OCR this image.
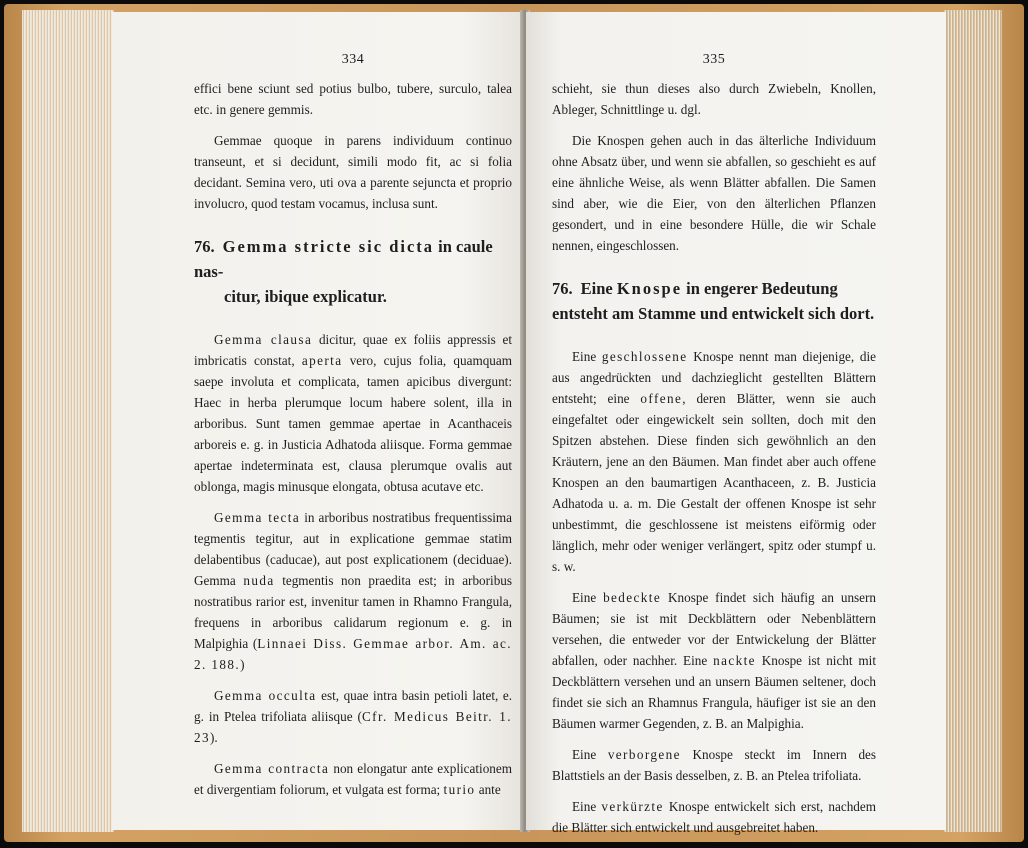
334

effici bene sciunt sed potius bulbo, tubere, surculo, talea etc. in genere gemmis.

Gemmae quoque in parens individuum continuo transeunt, et si decidunt, simili modo fit, ac si folia decidant. Semina vero, uti ova a parente sejuncta et proprio involucro, quod testam vocamus, inclusa sunt.

76. Gemma stricte sic dicta in caule nas-
citur, ibique explicatur.

Gemma clausa dicitur, quae ex foliis appressis et imbricatis constat, aperta vero, cujus folia, quamquam saepe involuta et complicata, tamen apicibus divergunt: Haec in herba plerumque locum habere solent, illa in arboribus. Sunt tamen gemmae apertae in Acanthaceis arboreis e. g. in Justicia Adhatoda aliisque. Forma gemmae apertae indeterminata est, clausa plerumque ovalis aut oblonga, magis minusque elongata, obtusa acutave etc.

Gemma tecta in arboribus nostratibus frequentissima tegmentis tegitur, aut in explicatione gemmae statim delabentibus (caducae), aut post explicationem (deciduae). Gemma nuda tegmentis non praedita est; in arboribus nostratibus rarior est, invenitur tamen in Rhamno Frangula, frequens in arboribus calidarum regionum e. g. in Malpighia (Linnaei Diss. Gemmae arbor. Am. ac. 2. 188.)

Gemma occulta est, quae intra basin petioli latet, e. g. in Ptelea trifoliata aliisque (Cfr. Medicus Beitr. 1. 23).

Gemma contracta non elongatur ante explicationem et divergentiam foliorum, et vulgata est forma; turio ante

335

schieht, sie thun dieses also durch Zwiebeln, Knollen, Ableger, Schnittlinge u. dgl.

Die Knospen gehen auch in das älterliche Individuum ohne Absatz über, und wenn sie abfallen, so geschieht es auf eine ähnliche Weise, als wenn Blätter abfallen. Die Samen sind aber, wie die Eier, von den älterlichen Pflanzen gesondert, und in eine besondere Hülle, die wir Schale nennen, eingeschlossen.

76. Eine Knospe in engerer Bedeutung entsteht am Stamme und entwickelt sich dort.

Eine geschlossene Knospe nennt man diejenige, die aus angedrückten und dachzieglicht gestellten Blättern entsteht; eine offene, deren Blätter, wenn sie auch eingefaltet oder eingewickelt sein sollten, doch mit den Spitzen abstehen. Diese finden sich gewöhnlich an den Kräutern, jene an den Bäumen. Man findet aber auch offene Knospen an den baumartigen Acanthaceen, z. B. Justicia Adhatoda u. a. m. Die Gestalt der offenen Knospe ist sehr unbestimmt, die geschlossene ist meistens eiförmig oder länglich, mehr oder weniger verlängert, spitz oder stumpf u. s. w.

Eine bedeckte Knospe findet sich häufig an unsern Bäumen; sie ist mit Deckblättern oder Nebenblättern versehen, die entweder vor der Entwickelung der Blätter abfallen, oder nachher. Eine nackte Knospe ist nicht mit Deckblättern versehen und an unsern Bäumen seltener, doch findet sie sich an Rhamnus Frangula, häufiger ist sie an den Bäumen warmer Gegenden, z. B. an Malpighia.

Eine verborgene Knospe steckt im Innern des Blattstiels an der Basis desselben, z. B. an Ptelea trifoliata.

Eine verkürzte Knospe entwickelt sich erst, nachdem die Blätter sich entwickelt und ausgebreitet haben.
